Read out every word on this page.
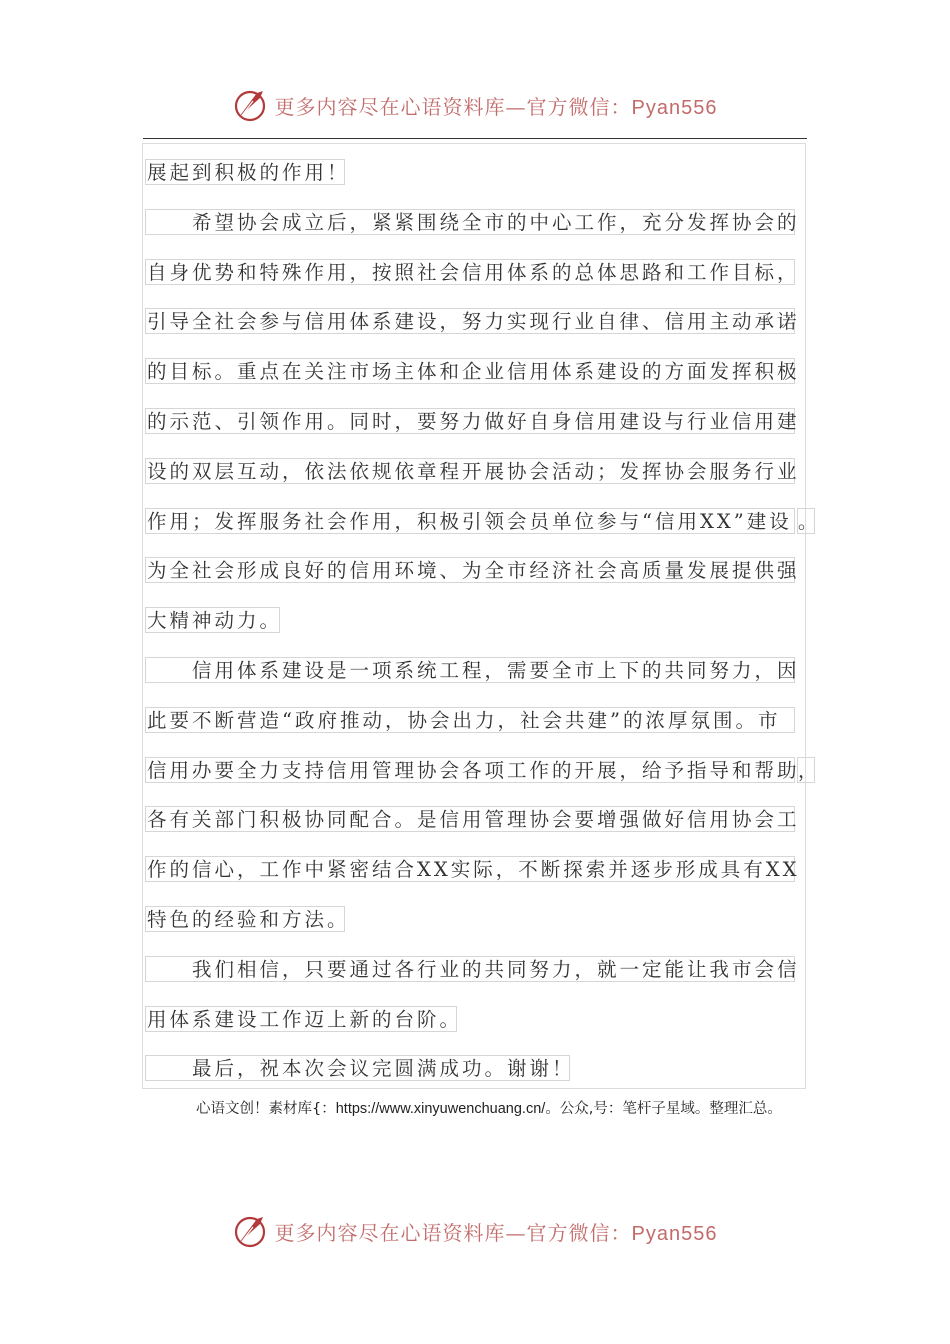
更多内容尽在心语资料库—官方微信：Pyan556
展起到积极的作用！
希望协会成立后，紧紧围绕全市的中心工作，充分发挥协会的
自身优势和特殊作用，按照社会信用体系的总体思路和工作目标，
引导全社会参与信用体系建设，努力实现行业自律、信用主动承诺
的目标。重点在关注市场主体和企业信用体系建设的方面发挥积极
的示范、引领作用。同时，要努力做好自身信用建设与行业信用建
设的双层互动，依法依规依章程开展协会活动；发挥协会服务行业
作用；发挥服务社会作用，积极引领会员单位参与“信用XX”建设
为全社会形成良好的信用环境、为全市经济社会高质量发展提供强
大精神动力。
信用体系建设是一项系统工程，需要全市上下的共同努力，因
此要不断营造“政府推动，协会出力，社会共建”的浓厚氛围。市
信用办要全力支持信用管理协会各项工作的开展，给予指导和帮助
各有关部门积极协同配合。是信用管理协会要增强做好信用协会工
作的信心，工作中紧密结合XX实际，不断探索并逐步形成具有XX
特色的经验和方法。
我们相信，只要通过各行业的共同努力，就一定能让我市会信
用体系建设工作迈上新的台阶。
最后，祝本次会议完圆满成功。谢谢！
。
，
心语文创！素材库{：https://www.xinyuwenchuang.cn/。公众,号：笔杆子星域。整理汇总。
更多内容尽在心语资料库—官方微信：Pyan556
